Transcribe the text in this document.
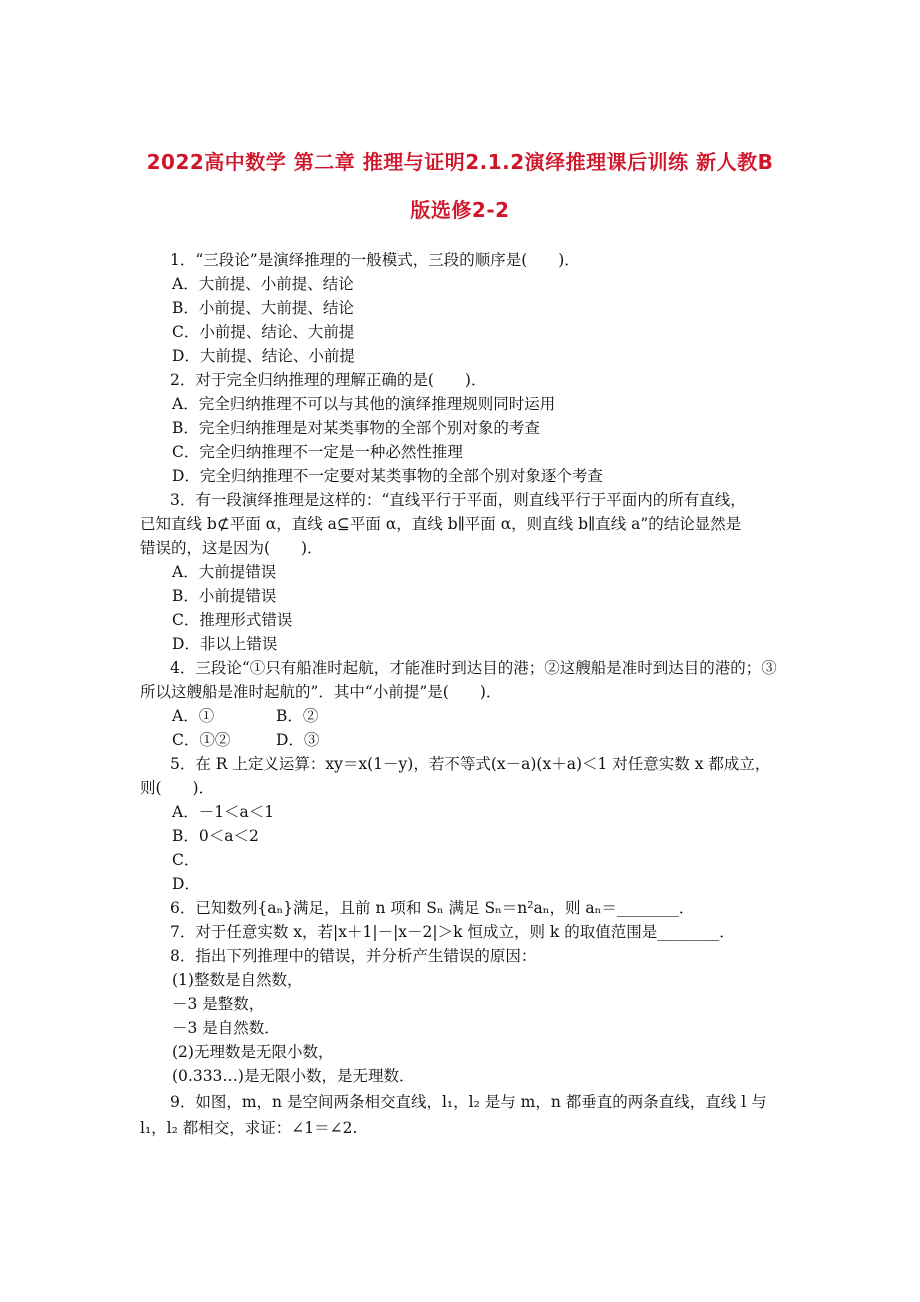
2022高中数学 第二章 推理与证明2.1.2演绎推理课后训练 新人教B
版选修2-2
1．“三段论”是演绎推理的一般模式，三段的顺序是(　　)．
A．大前提、小前提、结论
B．小前提、大前提、结论
C．小前提、结论、大前提
D．大前提、结论、小前提
2．对于完全归纳推理的理解正确的是(　　)．
A．完全归纳推理不可以与其他的演绎推理规则同时运用
B．完全归纳推理是对某类事物的全部个别对象的考查
C．完全归纳推理不一定是一种必然性推理
D．完全归纳推理不一定要对某类事物的全部个别对象逐个考查
3．有一段演绎推理是这样的：“直线平行于平面，则直线平行于平面内的所有直线，
已知直线 b⊄平面 α，直线 a⊆平面 α，直线 b∥平面 α，则直线 b∥直线 a”的结论显然是
错误的，这是因为(　　)．
A．大前提错误
B．小前提错误
C．推理形式错误
D．非以上错误
4．三段论“①只有船准时起航，才能准时到达目的港；②这艘船是准时到达目的港的；③
所以这艘船是准时起航的”．其中“小前提”是(　　)．
A．①	B．②
C．①②	D．③
5．在 R 上定义运算：xy＝x(1－y)，若不等式(x－a)(x＋a)＜1 对任意实数 x 都成立，
则(　　)．
A．－1＜a＜1
B．0＜a＜2
C．
D．
6．已知数列{aₙ}满足，且前 n 项和 Sₙ 满足 Sₙ＝n²aₙ，则 aₙ＝________．
7．对于任意实数 x，若|x＋1|－|x－2|＞k 恒成立，则 k 的取值范围是________．
8．指出下列推理中的错误，并分析产生错误的原因：
(1)整数是自然数，
－3 是整数，
－3 是自然数．
(2)无理数是无限小数，
(0.333…)是无限小数，是无理数．
9．如图，m，n 是空间两条相交直线，l₁，l₂ 是与 m，n 都垂直的两条直线，直线 l 与
l₁，l₂ 都相交，求证：∠1＝∠2.
